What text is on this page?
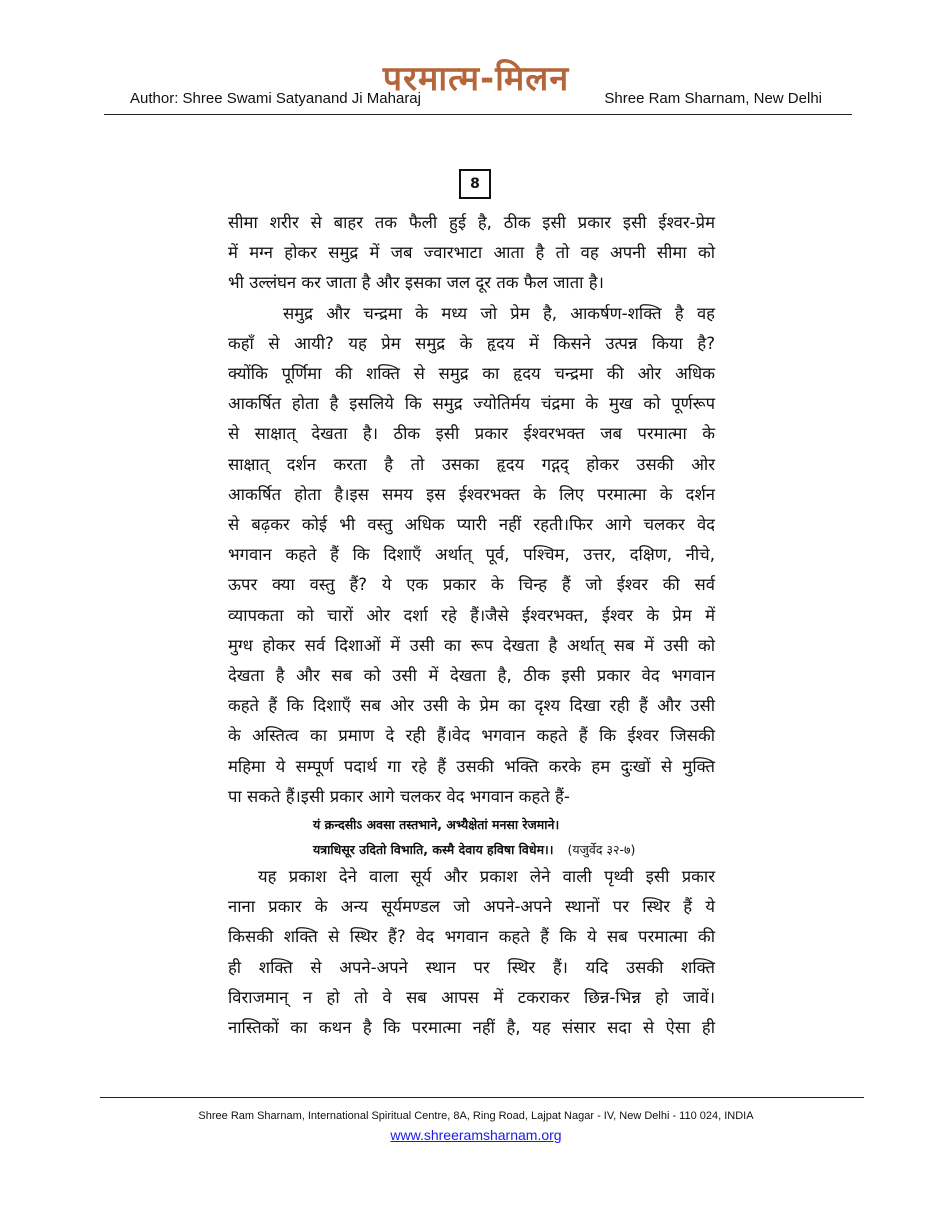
परमात्म-मिलन
Author: Shree Swami Satyanand Ji Maharaj	Shree Ram Sharnam, New Delhi
8
सीमा शरीर से बाहर तक फैली हुई है, ठीक इसी प्रकार इसी ईश्वर-प्रेम
में मग्न होकर समुद्र में जब ज्वारभाटा आता है तो वह अपनी सीमा को
भी उल्लंघन कर जाता है और इसका जल दूर तक फैल जाता है।
समुद्र और चन्द्रमा के मध्य जो प्रेम है, आकर्षण-शक्ति है वह
कहाँ से आयी? यह प्रेम समुद्र के हृदय में किसने उत्पन्न किया है?
क्योंकि पूर्णिमा की शक्ति से समुद्र का हृदय चन्द्रमा की ओर अधिक
आकर्षित होता है इसलिये कि समुद्र ज्योतिर्मय चंद्रमा के मुख को पूर्णरूप
से साक्षात् देखता है। ठीक इसी प्रकार ईश्वरभक्त जब परमात्मा के
साक्षात् दर्शन करता है तो उसका हृदय गद्गद् होकर उसकी ओर
आकर्षित होता है।इस समय इस ईश्वरभक्त के लिए परमात्मा के दर्शन
से बढ़कर कोई भी वस्तु अधिक प्यारी नहीं रहती।फिर आगे चलकर वेद
भगवान कहते हैं कि दिशाएँ अर्थात् पूर्व, पश्चिम, उत्तर, दक्षिण, नीचे,
ऊपर क्या वस्तु हैं? ये एक प्रकार के चिन्ह हैं जो ईश्वर की सर्व
व्यापकता को चारों ओर दर्शा रहे हैं।जैसे ईश्वरभक्त, ईश्वर के प्रेम में
मुग्ध होकर सर्व दिशाओं में उसी का रूप देखता है अर्थात् सब में उसी को
देखता है और सब को उसी में देखता है, ठीक इसी प्रकार वेद भगवान
कहते हैं कि दिशाएँ सब ओर उसी के प्रेम का दृश्य दिखा रही हैं और उसी
के अस्तित्व का प्रमाण दे रही हैं।वेद भगवान कहते हैं कि ईश्वर जिसकी
महिमा ये सम्पूर्ण पदार्थ गा रहे हैं उसकी भक्ति करके हम दुःखों से मुक्ति
पा सकते हैं।इसी प्रकार आगे चलकर वेद भगवान कहते हैं-
यं क्रन्दसीऽ अवसा तस्तभाने, अभ्यैक्षेतां मनसा रेजमाने।
यत्राधिसूर उदितो विभाति, कस्मै देवाय हविषा विधेम।। (यजुर्वेद ३२-७)
यह प्रकाश देने वाला सूर्य और प्रकाश लेने वाली पृथ्वी इसी प्रकार
नाना प्रकार के अन्य सूर्यमण्डल जो अपने-अपने स्थानों पर स्थिर हैं ये
किसकी शक्ति से स्थिर हैं? वेद भगवान कहते हैं कि ये सब परमात्मा की
ही शक्ति से अपने-अपने स्थान पर स्थिर हैं। यदि उसकी शक्ति
विराजमान् न हो तो वे सब आपस में टकराकर छिन्न-भिन्न हो जावें।
नास्तिकों का कथन है कि परमात्मा नहीं है, यह संसार सदा से ऐसा ही
Shree Ram Sharnam, International Spiritual Centre, 8A, Ring Road, Lajpat Nagar - IV, New Delhi - 110 024, INDIA
www.shreeramsharnam.org
